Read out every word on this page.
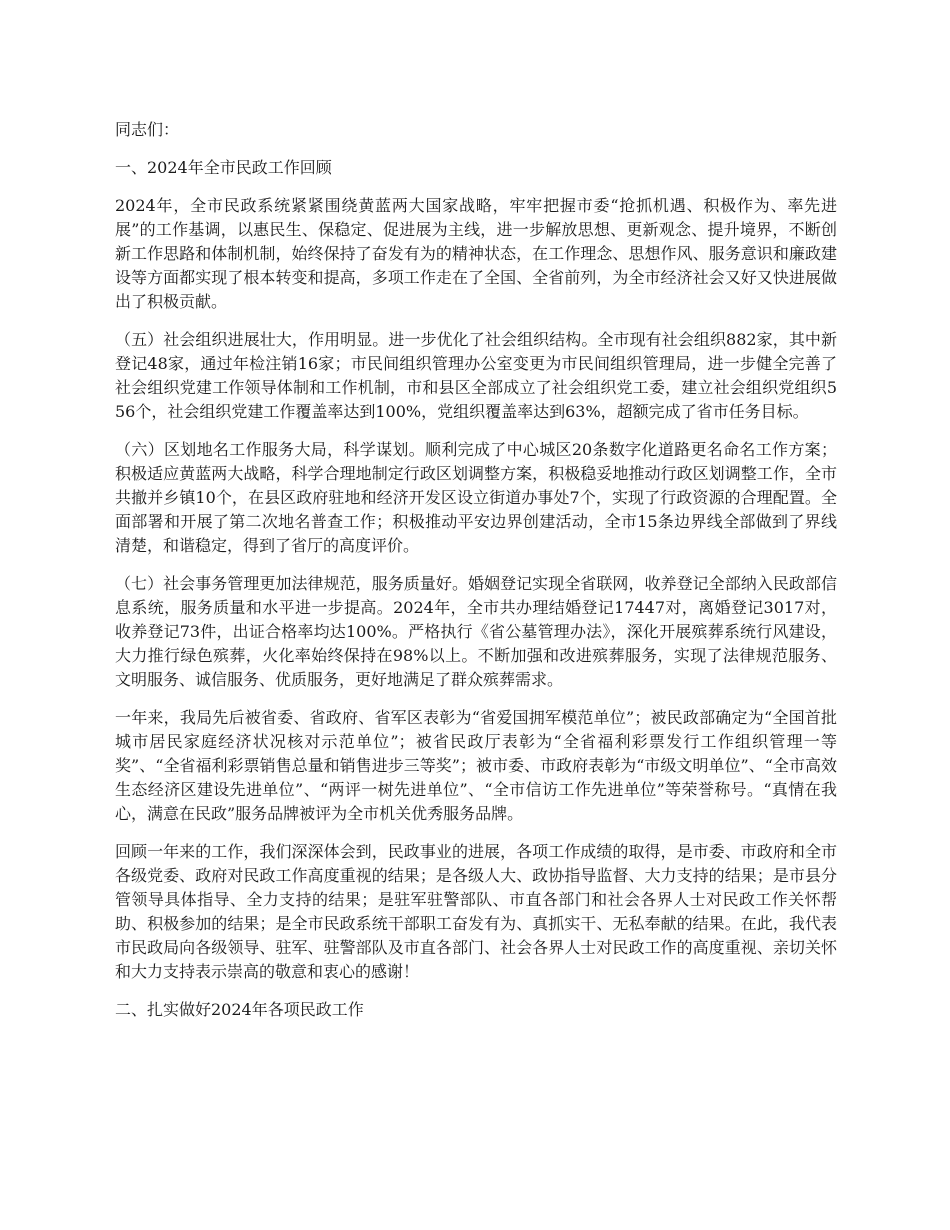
同志们：

一、2024年全市民政工作回顾

2024年，全市民政系统紧紧围绕黄蓝两大国家战略，牢牢把握市委“抢抓机遇、积极作为、率先进展”的工作基调，以惠民生、保稳定、促进展为主线，进一步解放思想、更新观念、提升境界，不断创新工作思路和体制机制，始终保持了奋发有为的精神状态，在工作理念、思想作风、服务意识和廉政建设等方面都实现了根本转变和提高，多项工作走在了全国、全省前列，为全市经济社会又好又快进展做出了积极贡献。

（五）社会组织进展壮大，作用明显。进一步优化了社会组织结构。全市现有社会组织882家，其中新登记48家，通过年检注销16家；市民间组织管理办公室变更为市民间组织管理局，进一步健全完善了社会组织党建工作领导体制和工作机制，市和县区全部成立了社会组织党工委，建立社会组织党组织556个，社会组织党建工作覆盖率达到100%，党组织覆盖率达到63%，超额完成了省市任务目标。

（六）区划地名工作服务大局，科学谋划。顺利完成了中心城区20条数字化道路更名命名工作方案；积极适应黄蓝两大战略，科学合理地制定行政区划调整方案，积极稳妥地推动行政区划调整工作，全市共撤并乡镇10个，在县区政府驻地和经济开发区设立街道办事处7个，实现了行政资源的合理配置。全面部署和开展了第二次地名普查工作；积极推动平安边界创建活动，全市15条边界线全部做到了界线清楚，和谐稳定，得到了省厅的高度评价。

（七）社会事务管理更加法律规范，服务质量好。婚姻登记实现全省联网，收养登记全部纳入民政部信息系统，服务质量和水平进一步提高。2024年，全市共办理结婚登记17447对，离婚登记3017对，收养登记73件，出证合格率均达100%。严格执行《省公墓管理办法》，深化开展殡葬系统行风建设，大力推行绿色殡葬，火化率始终保持在98%以上。不断加强和改进殡葬服务，实现了法律规范服务、文明服务、诚信服务、优质服务，更好地满足了群众殡葬需求。

一年来，我局先后被省委、省政府、省军区表彰为“省爱国拥军模范单位”；被民政部确定为“全国首批城市居民家庭经济状况核对示范单位”；被省民政厅表彰为“全省福利彩票发行工作组织管理一等奖”、“全省福利彩票销售总量和销售进步三等奖”；被市委、市政府表彰为“市级文明单位”、“全市高效生态经济区建设先进单位”、“两评一树先进单位”、“全市信访工作先进单位”等荣誉称号。“真情在我心，满意在民政”服务品牌被评为全市机关优秀服务品牌。

回顾一年来的工作，我们深深体会到，民政事业的进展，各项工作成绩的取得，是市委、市政府和全市各级党委、政府对民政工作高度重视的结果；是各级人大、政协指导监督、大力支持的结果；是市县分管领导具体指导、全力支持的结果；是驻军驻警部队、市直各部门和社会各界人士对民政工作关怀帮助、积极参加的结果；是全市民政系统干部职工奋发有为、真抓实干、无私奉献的结果。在此，我代表市民政局向各级领导、驻军、驻警部队及市直各部门、社会各界人士对民政工作的高度重视、亲切关怀和大力支持表示崇高的敬意和衷心的感谢！

二、扎实做好2024年各项民政工作
